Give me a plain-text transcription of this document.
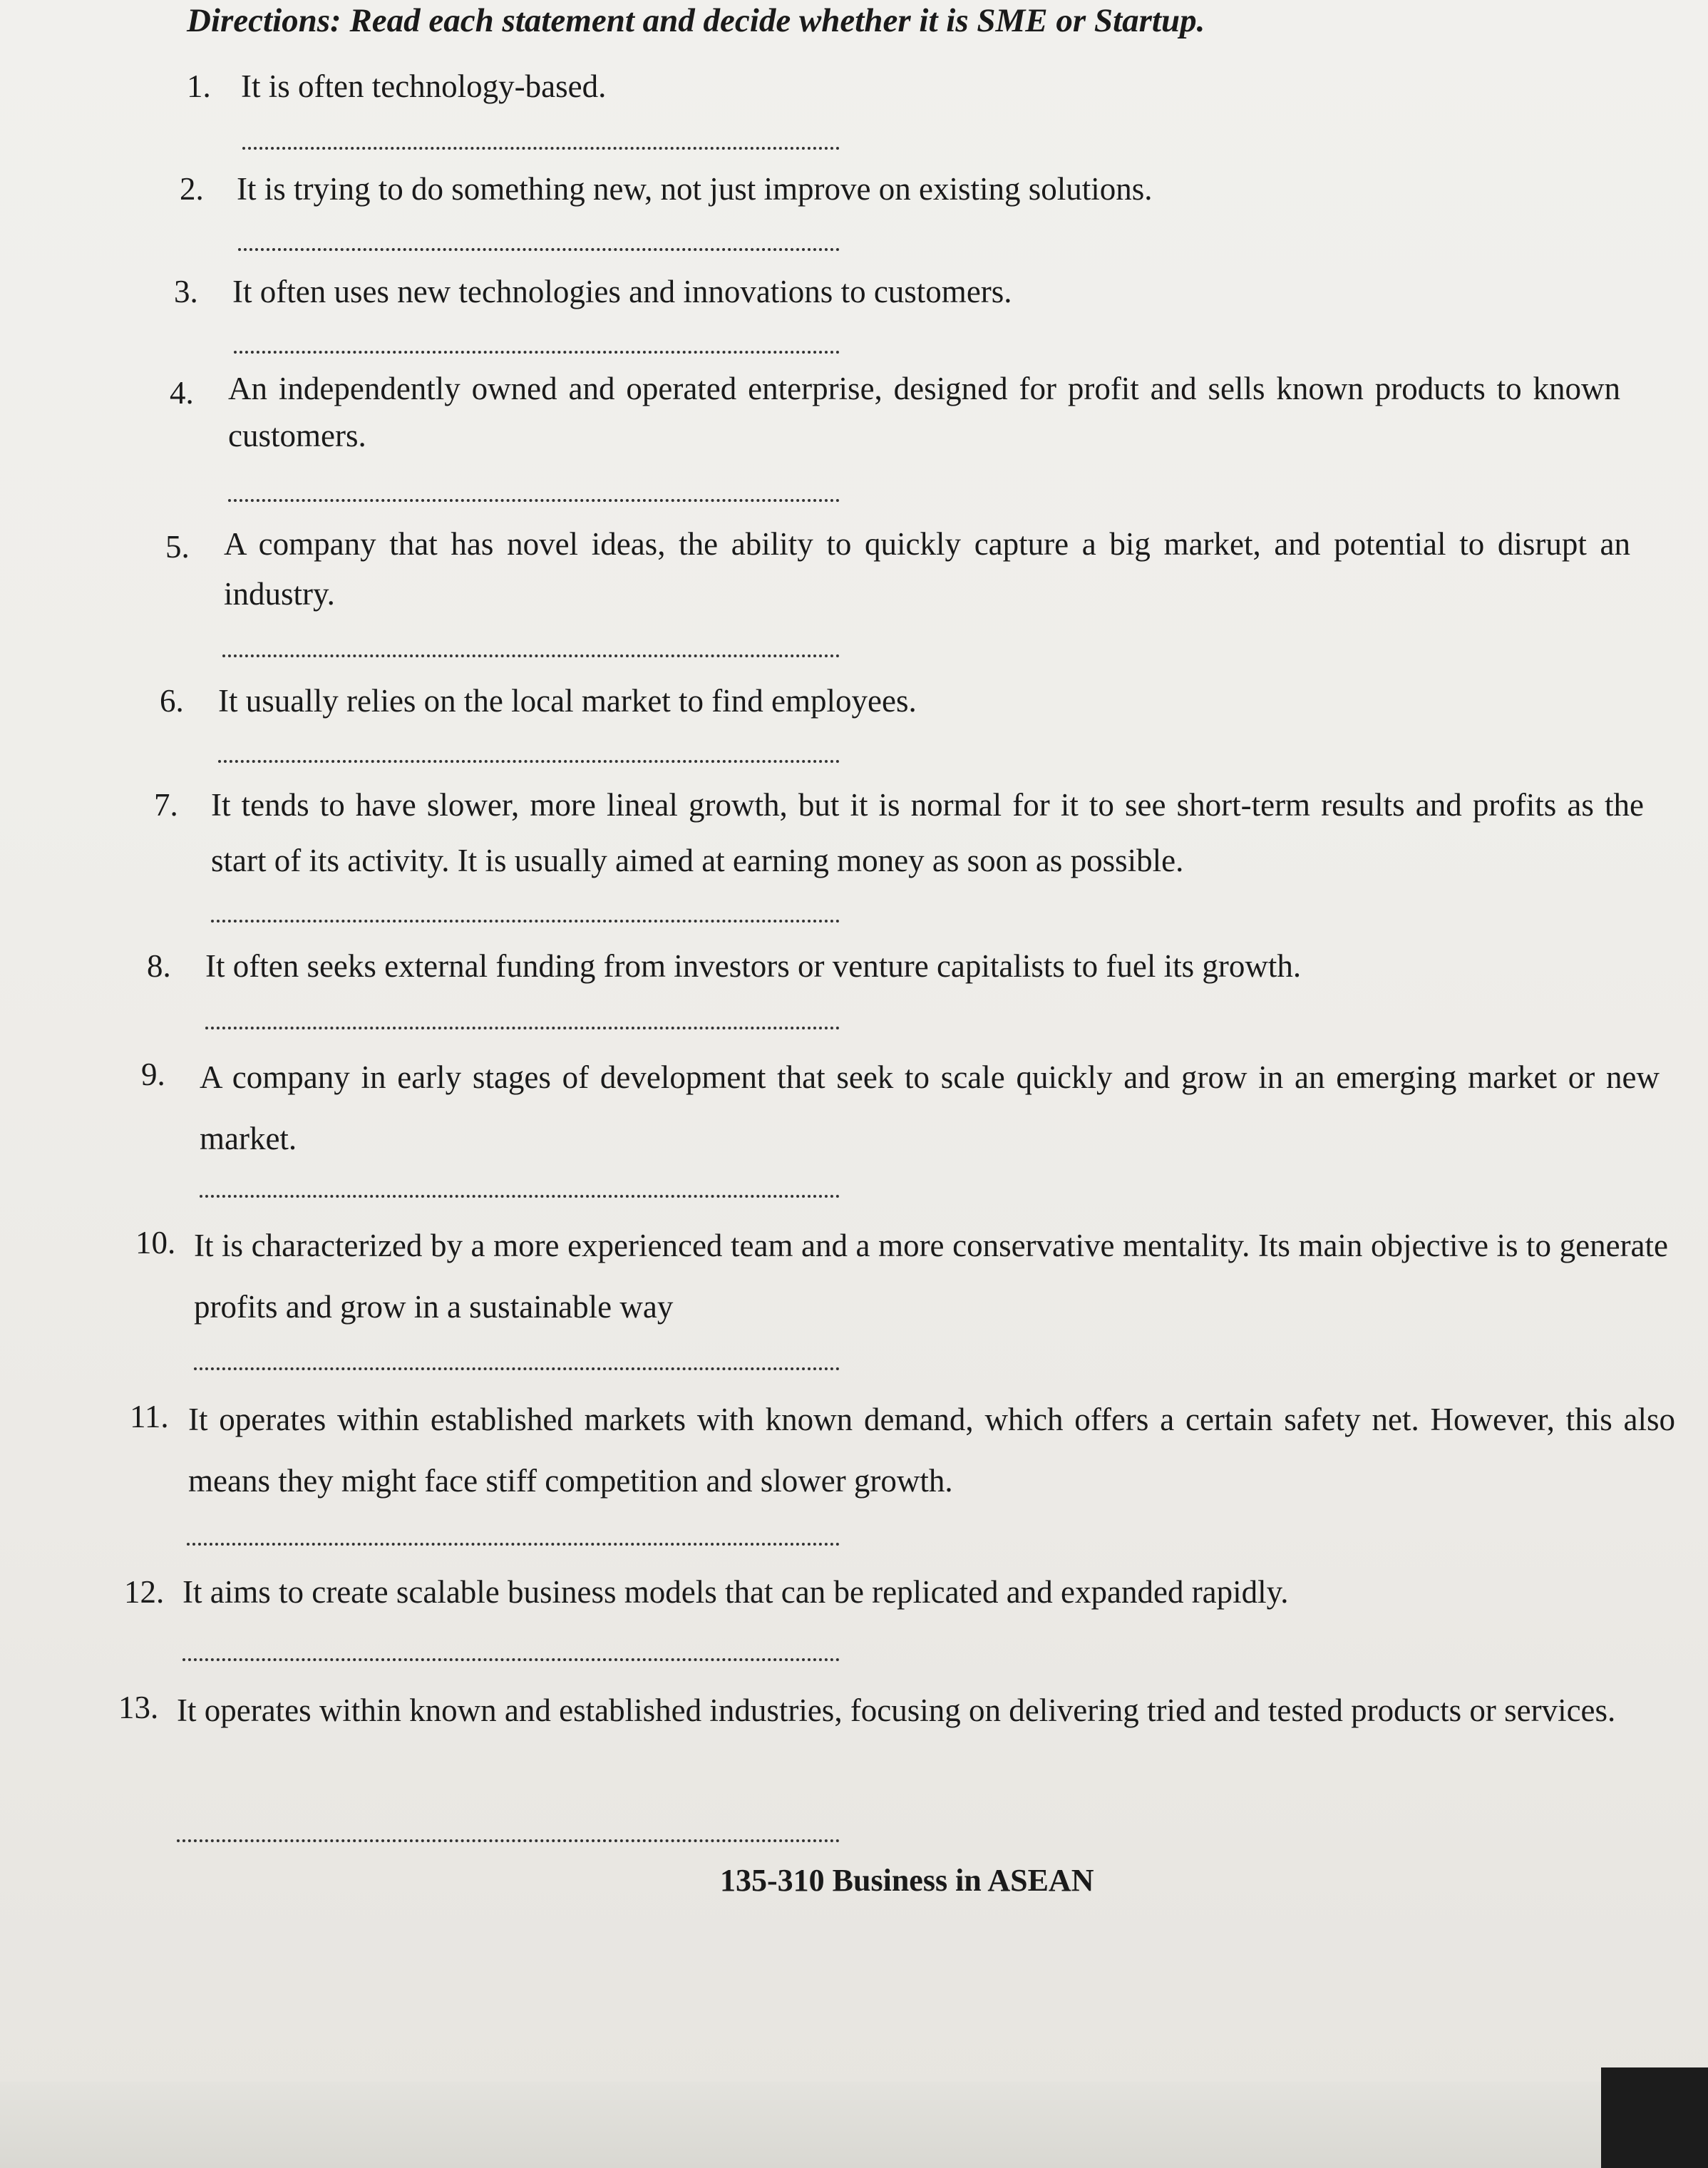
Directions: Read each statement and decide whether it is SME or Startup.
1. It is often technology-based.
2. It is trying to do something new, not just improve on existing solutions.
3. It often uses new technologies and innovations to customers.
4. An independently owned and operated enterprise, designed for profit and sells known products to known customers.
5. A company that has novel ideas, the ability to quickly capture a big market, and potential to disrupt an industry.
6. It usually relies on the local market to find employees.
7. It tends to have slower, more lineal growth, but it is normal for it to see short-term results and profits as the start of its activity. It is usually aimed at earning money as soon as possible.
8. It often seeks external funding from investors or venture capitalists to fuel its growth.
9. A company in early stages of development that seek to scale quickly and grow in an emerging market or new market.
10. It is characterized by a more experienced team and a more conservative mentality. Its main objective is to generate profits and grow in a sustainable way
11. It operates within established markets with known demand, which offers a certain safety net. However, this also means they might face stiff competition and slower growth.
12. It aims to create scalable business models that can be replicated and expanded rapidly.
13. It operates within known and established industries, focusing on delivering tried and tested products or services.
135-310 Business in ASEAN
